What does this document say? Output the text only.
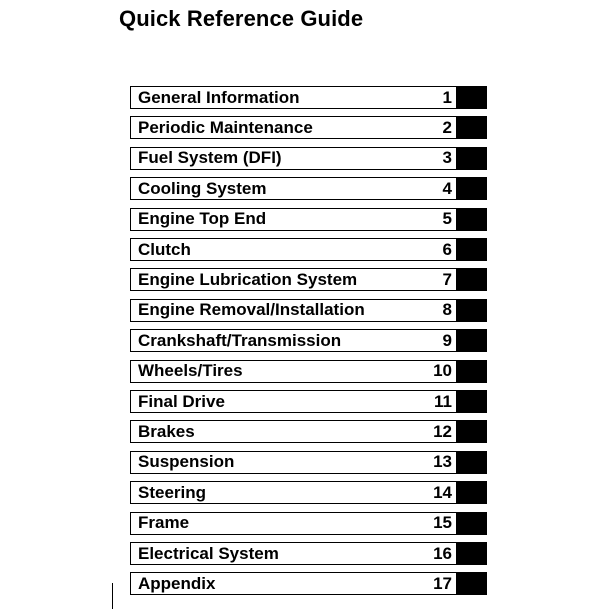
Quick Reference Guide
General Information	1
Periodic Maintenance	2
Fuel System (DFI)	3
Cooling System	4
Engine Top End	5
Clutch	6
Engine Lubrication System	7
Engine Removal/Installation	8
Crankshaft/Transmission	9
Wheels/Tires	10
Final Drive	11
Brakes	12
Suspension	13
Steering	14
Frame	15
Electrical System	16
Appendix	17
